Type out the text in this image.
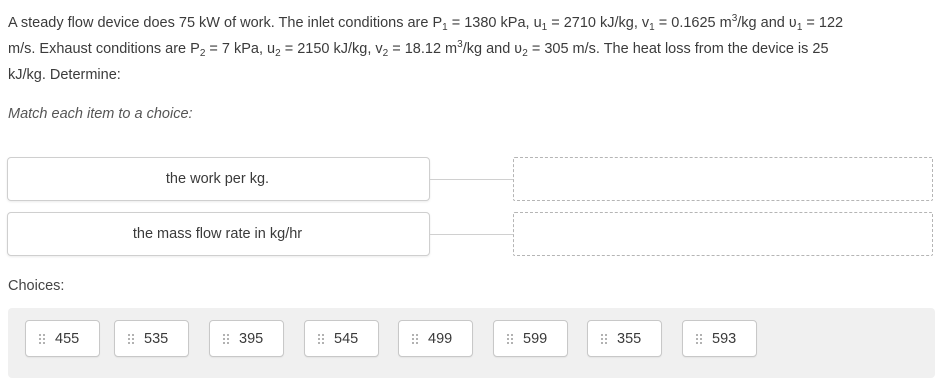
A steady flow device does 75 kW of work. The inlet conditions are $P_1 = 1380$ kPa, $u_1 = 2710$ kJ/kg, $v_1 = 0.1625$ $m^3/kg$ and ʋ$_1$ = 122
m/s. Exhaust conditions are $P_2 = 7$ kPa, $u_2 = 2150$ kJ/kg, $v_2 = 18.12$ $m^3/kg$ and ʋ$_2$ = 305 m/s. The heat loss from the device is 25
kJ/kg. Determine:
Match each item to a choice:
the work per kg.
the mass flow rate in kg/hr
Choices:
455	535	395	545	499	599	355	593
